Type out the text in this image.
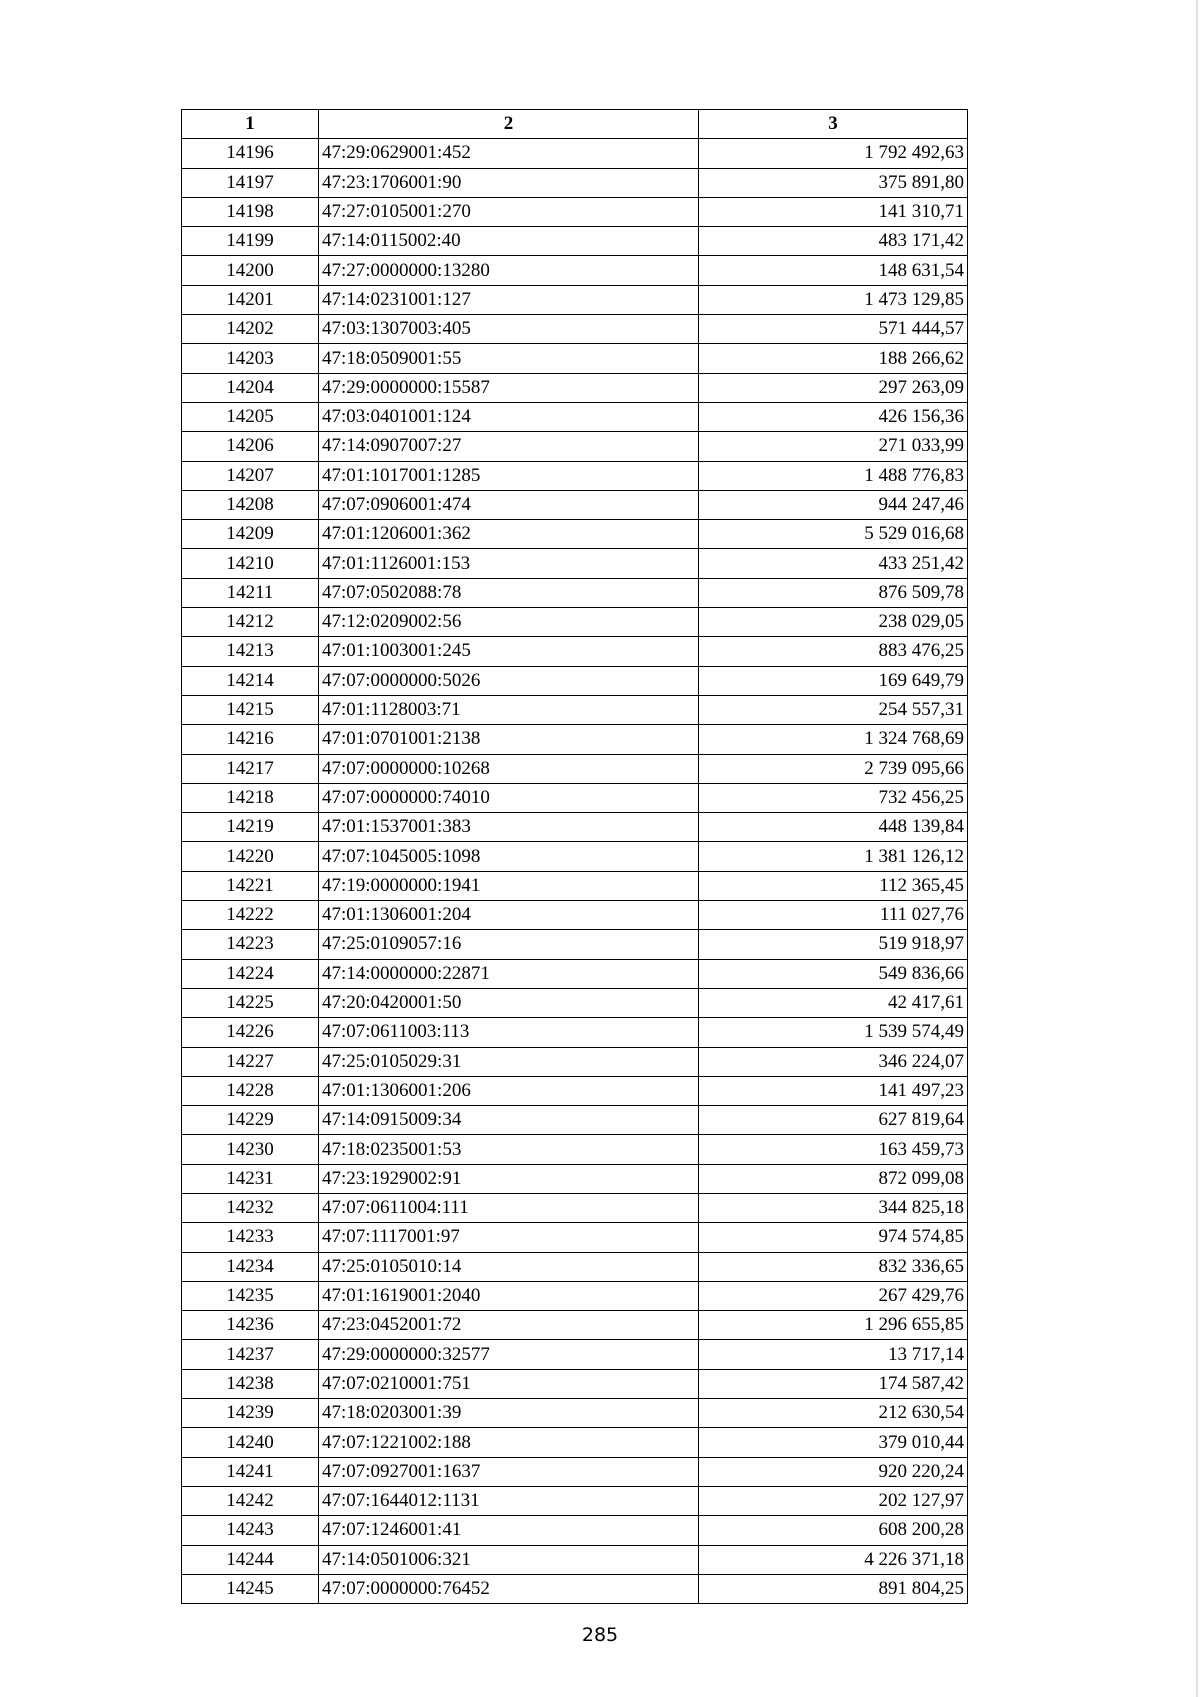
1	2	3
14196	47:29:0629001:452	1 792 492,63
14197	47:23:1706001:90	375 891,80
14198	47:27:0105001:270	141 310,71
14199	47:14:0115002:40	483 171,42
14200	47:27:0000000:13280	148 631,54
14201	47:14:0231001:127	1 473 129,85
14202	47:03:1307003:405	571 444,57
14203	47:18:0509001:55	188 266,62
14204	47:29:0000000:15587	297 263,09
14205	47:03:0401001:124	426 156,36
14206	47:14:0907007:27	271 033,99
14207	47:01:1017001:1285	1 488 776,83
14208	47:07:0906001:474	944 247,46
14209	47:01:1206001:362	5 529 016,68
14210	47:01:1126001:153	433 251,42
14211	47:07:0502088:78	876 509,78
14212	47:12:0209002:56	238 029,05
14213	47:01:1003001:245	883 476,25
14214	47:07:0000000:5026	169 649,79
14215	47:01:1128003:71	254 557,31
14216	47:01:0701001:2138	1 324 768,69
14217	47:07:0000000:10268	2 739 095,66
14218	47:07:0000000:74010	732 456,25
14219	47:01:1537001:383	448 139,84
14220	47:07:1045005:1098	1 381 126,12
14221	47:19:0000000:1941	112 365,45
14222	47:01:1306001:204	111 027,76
14223	47:25:0109057:16	519 918,97
14224	47:14:0000000:22871	549 836,66
14225	47:20:0420001:50	42 417,61
14226	47:07:0611003:113	1 539 574,49
14227	47:25:0105029:31	346 224,07
14228	47:01:1306001:206	141 497,23
14229	47:14:0915009:34	627 819,64
14230	47:18:0235001:53	163 459,73
14231	47:23:1929002:91	872 099,08
14232	47:07:0611004:111	344 825,18
14233	47:07:1117001:97	974 574,85
14234	47:25:0105010:14	832 336,65
14235	47:01:1619001:2040	267 429,76
14236	47:23:0452001:72	1 296 655,85
14237	47:29:0000000:32577	13 717,14
14238	47:07:0210001:751	174 587,42
14239	47:18:0203001:39	212 630,54
14240	47:07:1221002:188	379 010,44
14241	47:07:0927001:1637	920 220,24
14242	47:07:1644012:1131	202 127,97
14243	47:07:1246001:41	608 200,28
14244	47:14:0501006:321	4 226 371,18
14245	47:07:0000000:76452	891 804,25
285
